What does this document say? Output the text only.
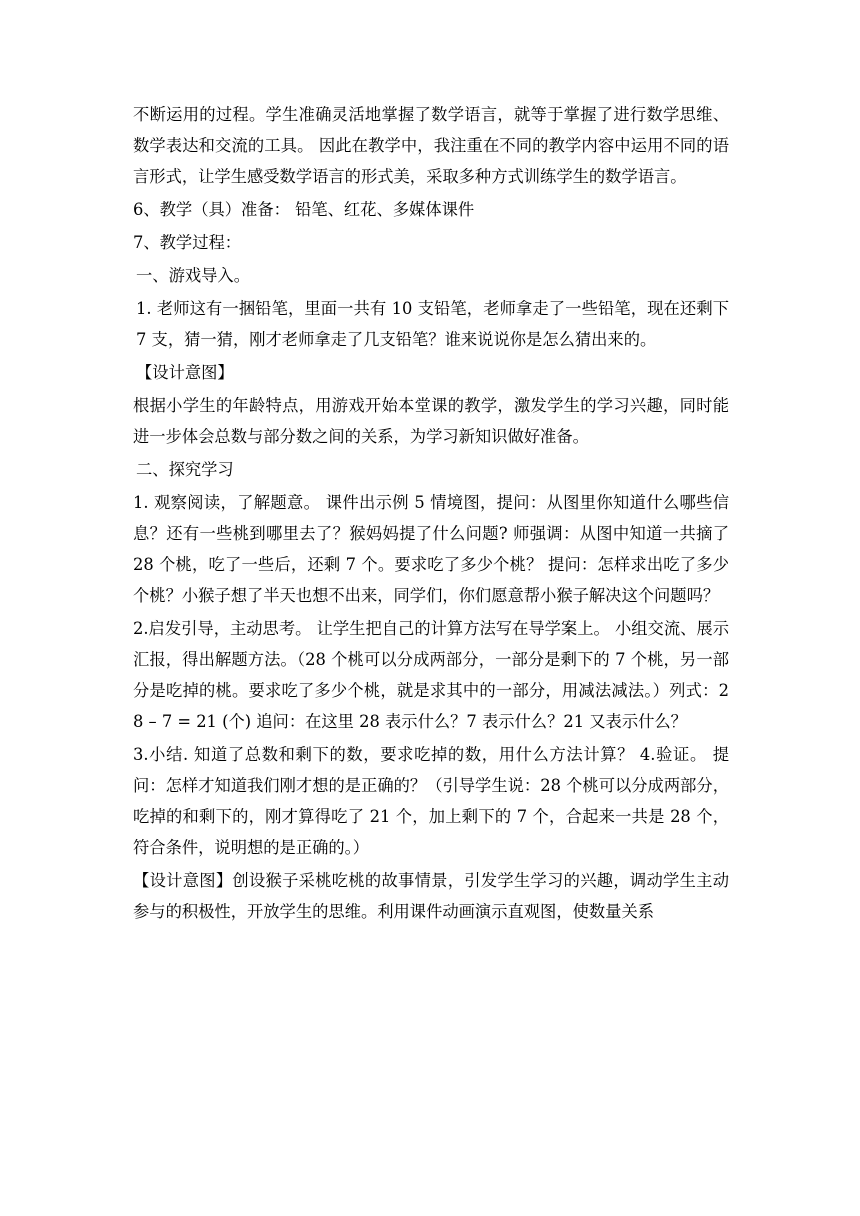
不断运用的过程。学生准确灵活地掌握了数学语言，就等于掌握了进行数学思维、数学表达和交流的工具。 因此在教学中，我注重在不同的教学内容中运用不同的语言形式，让学生感受数学语言的形式美，采取多种方式训练学生的数学语言。

6、教学（具）准备： 铅笔、红花、多媒体课件

7、教学过程：

一、游戏导入。

1. 老师这有一捆铅笔，里面一共有 10 支铅笔，老师拿走了一些铅笔，现在还剩下 7 支，猜一猜，刚才老师拿走了几支铅笔？谁来说说你是怎么猜出来的。

【设计意图】

根据小学生的年龄特点，用游戏开始本堂课的教学，激发学生的学习兴趣，同时能进一步体会总数与部分数之间的关系，为学习新知识做好准备。

二、探究学习

1. 观察阅读，了解题意。 课件出示例 5 情境图，提问：从图里你知道什么哪些信息？还有一些桃到哪里去了？猴妈妈提了什么问题? 师强调：从图中知道一共摘了 28 个桃，吃了一些后，还剩 7 个。要求吃了多少个桃？ 提问：怎样求出吃了多少个桃？小猴子想了半天也想不出来，同学们，你们愿意帮小猴子解决这个问题吗？

2.启发引导，主动思考。 让学生把自己的计算方法写在导学案上。 小组交流、展示汇报，得出解题方法。（28 个桃可以分成两部分，一部分是剩下的 7 个桃，另一部分是吃掉的桃。要求吃了多少个桃，就是求其中的一部分，用减法减法。）列式：28 – 7 = 21 (个) 追问：在这里 28 表示什么？7 表示什么？21 又表示什么？

3.小结. 知道了总数和剩下的数，要求吃掉的数，用什么方法计算？ 4.验证。 提问：怎样才知道我们刚才想的是正确的？（引导学生说：28 个桃可以分成两部分，吃掉的和剩下的，刚才算得吃了 21 个，加上剩下的 7 个，合起来一共是 28 个，符合条件，说明想的是正确的。）

【设计意图】创设猴子采桃吃桃的故事情景，引发学生学习的兴趣，调动学生主动参与的积极性，开放学生的思维。利用课件动画演示直观图，使数量关系
